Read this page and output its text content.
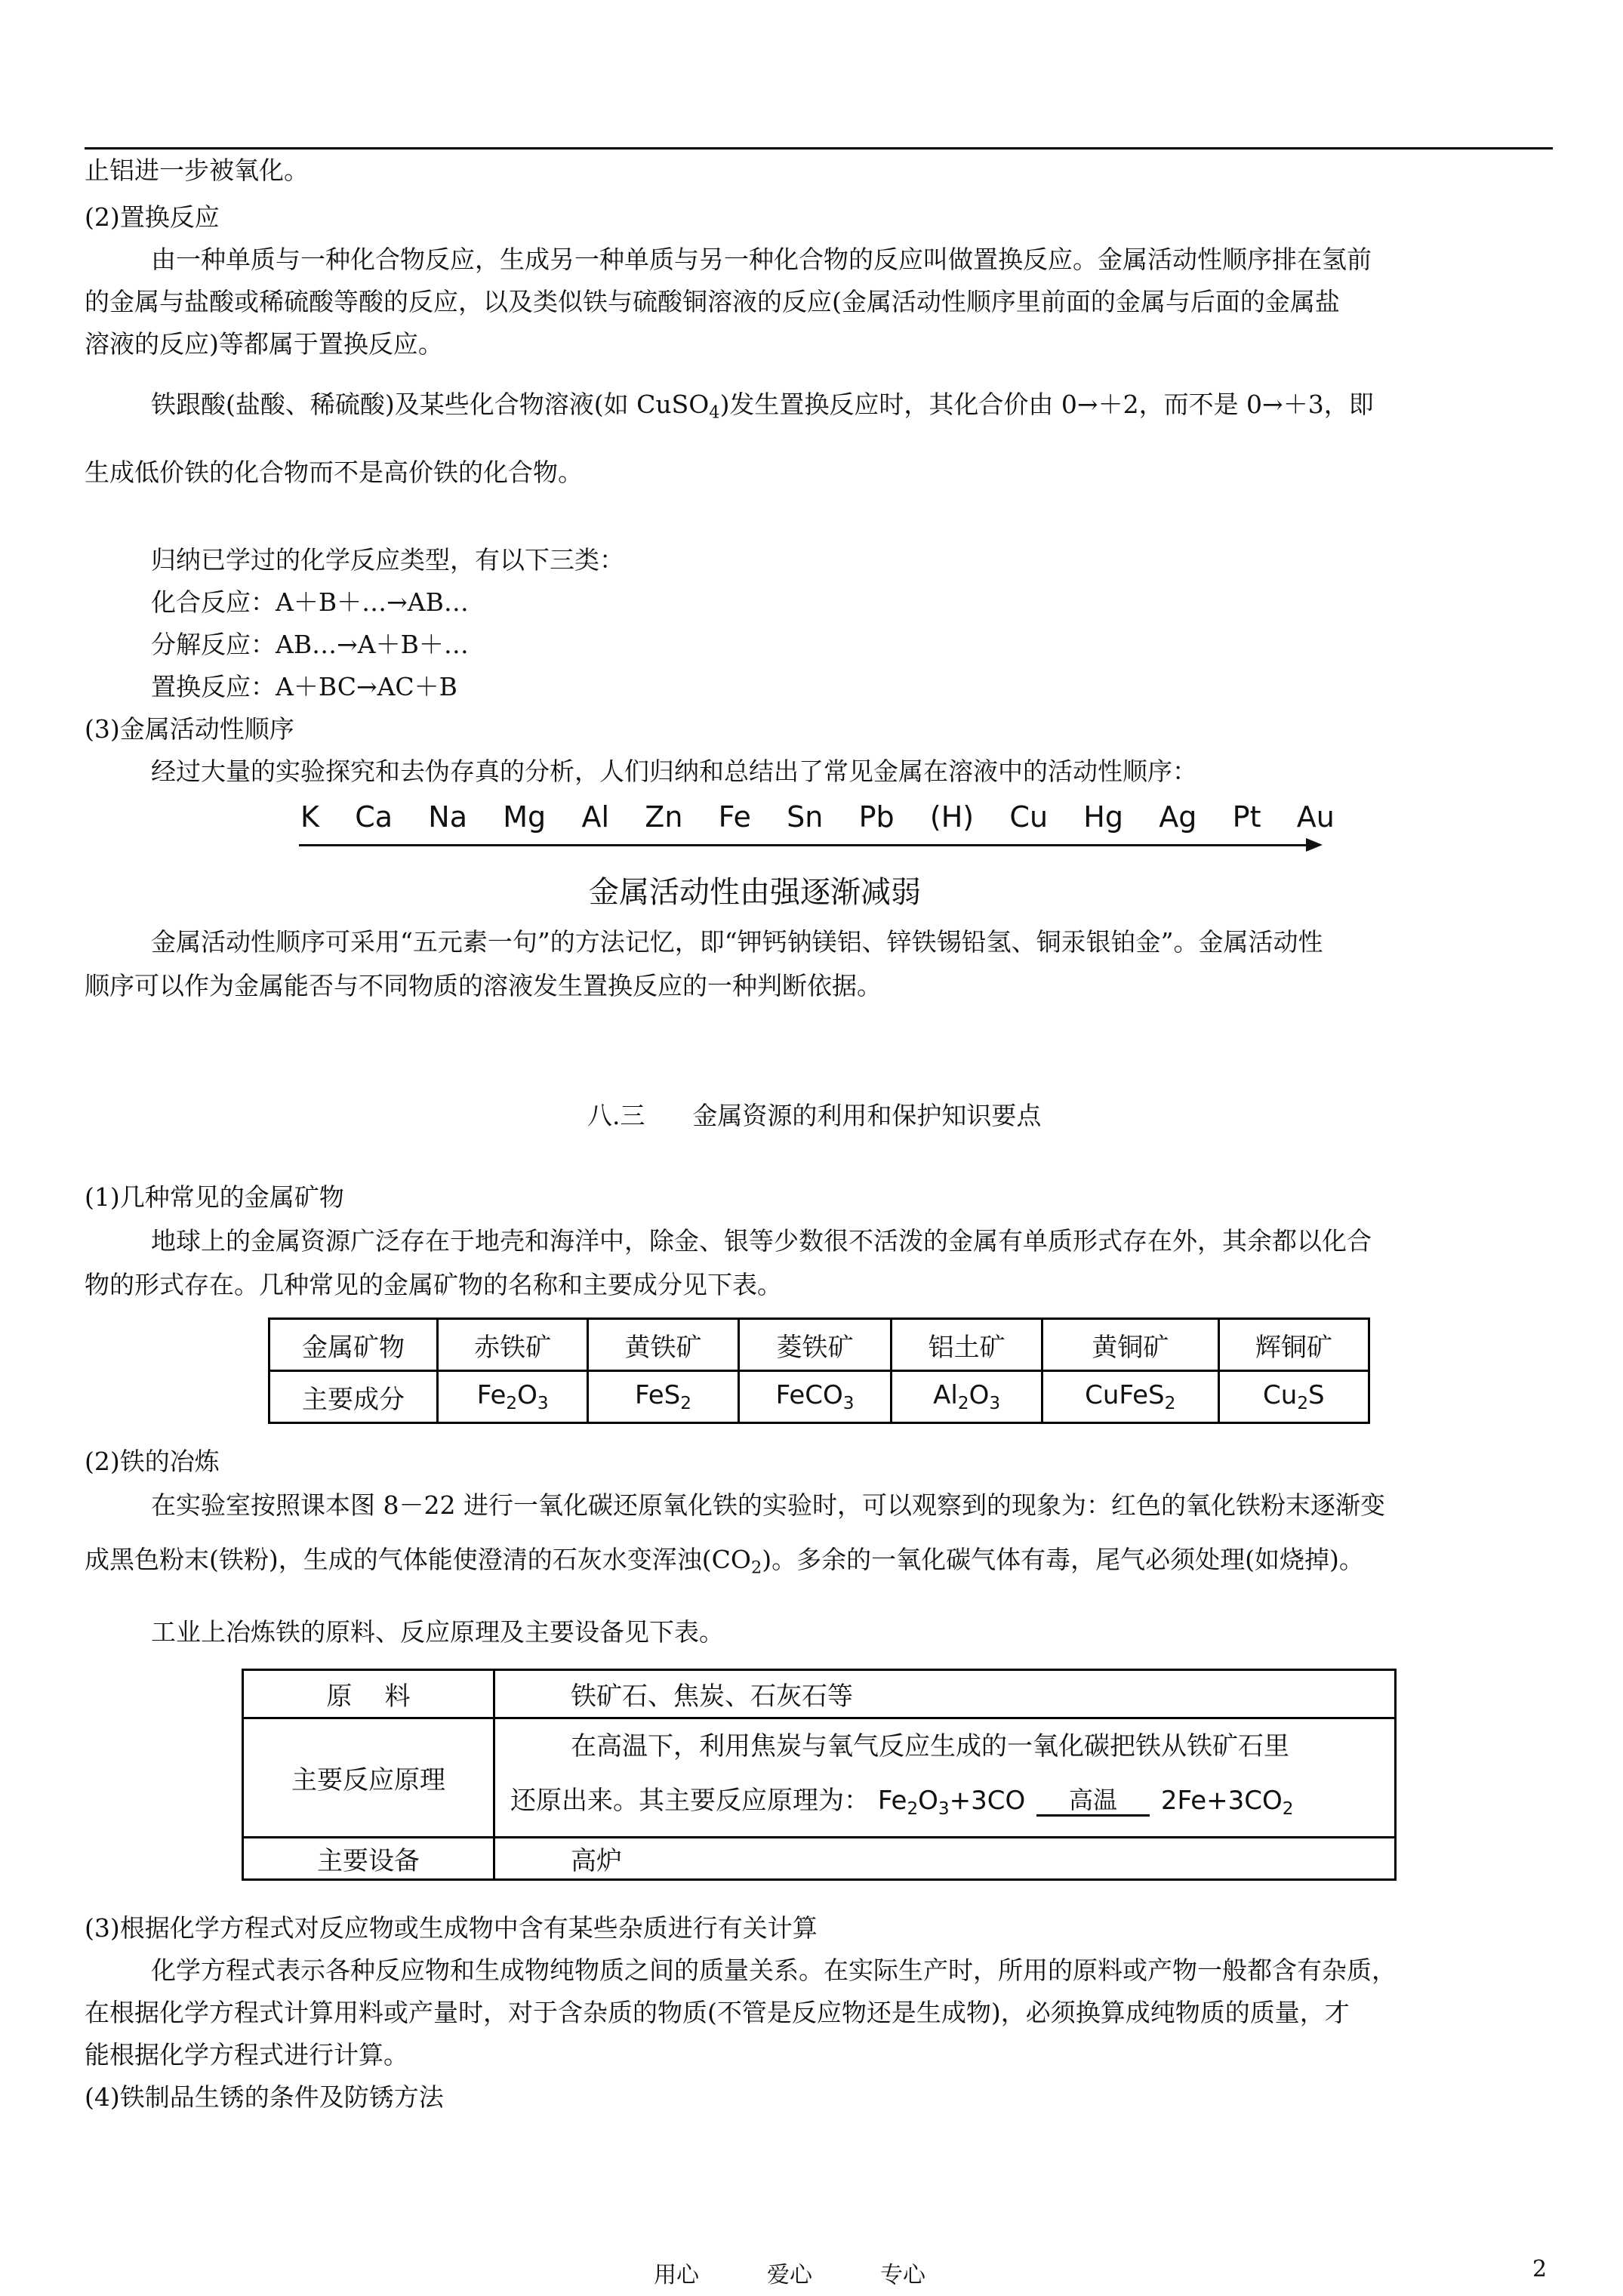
止铝进一步被氧化。
(2)置换反应
由一种单质与一种化合物反应，生成另一种单质与另一种化合物的反应叫做置换反应。金属活动性顺序排在氢前
的金属与盐酸或稀硫酸等酸的反应，以及类似铁与硫酸铜溶液的反应(金属活动性顺序里前面的金属与后面的金属盐
溶液的反应)等都属于置换反应。
铁跟酸(盐酸、稀硫酸)及某些化合物溶液(如 CuSO$_4$)发生置换反应时，其化合价由 0→＋2，而不是 0→＋3，即
生成低价铁的化合物而不是高价铁的化合物。
归纳已学过的化学反应类型，有以下三类：
化合反应：A＋B＋…→AB…
分解反应：AB…→A＋B＋…
置换反应：A＋BC→AC＋B
(3)金属活动性顺序
经过大量的实验探究和去伪存真的分析，人们归纳和总结出了常见金属在溶液中的活动性顺序：
K Ca Na Mg Al Zn Fe Sn Pb (H) Cu Hg Ag Pt Au
金属活动性由强逐渐减弱
金属活动性顺序可采用“五元素一句”的方法记忆，即“钾钙钠镁铝、锌铁锡铅氢、铜汞银铂金”。金属活动性
顺序可以作为金属能否与不同物质的溶液发生置换反应的一种判断依据。
八.三      金属资源的利用和保护知识要点
(1)几种常见的金属矿物
地球上的金属资源广泛存在于地壳和海洋中，除金、银等少数很不活泼的金属有单质形式存在外，其余都以化合
物的形式存在。几种常见的金属矿物的名称和主要成分见下表。
金属矿物	赤铁矿	黄铁矿	菱铁矿	铝土矿	黄铜矿	辉铜矿
主要成分	$Fe_2O_3$	FeS$_2$	FeCO$_3$	$Al_2O_3$	CuFeS$_2$	$Cu_2S$
(2)铁的冶炼
在实验室按照课本图 8－22 进行一氧化碳还原氧化铁的实验时，可以观察到的现象为：红色的氧化铁粉末逐渐变
成黑色粉末(铁粉)，生成的气体能使澄清的石灰水变浑浊$(CO_2)$。多余的一氧化碳气体有毒，尾气必须处理(如烧掉)。
工业上冶炼铁的原料、反应原理及主要设备见下表。
原    料	铁矿石、焦炭、石灰石等
主要反应原理	在高温下，利用焦炭与氧气反应生成的一氧化碳把铁从铁矿石里
还原出来。其主要反应原理为： $Fe_2O_3+3CO$ 高温 $2Fe+3CO_2$

主要设备	高炉
(3)根据化学方程式对反应物或生成物中含有某些杂质进行有关计算
化学方程式表示各种反应物和生成物纯物质之间的质量关系。在实际生产时，所用的原料或产物一般都含有杂质，
在根据化学方程式计算用料或产量时，对于含杂质的物质(不管是反应物还是生成物)，必须换算成纯物质的质量，才
能根据化学方程式进行计算。
(4)铁制品生锈的条件及防锈方法
用心	爱心	专心	2
